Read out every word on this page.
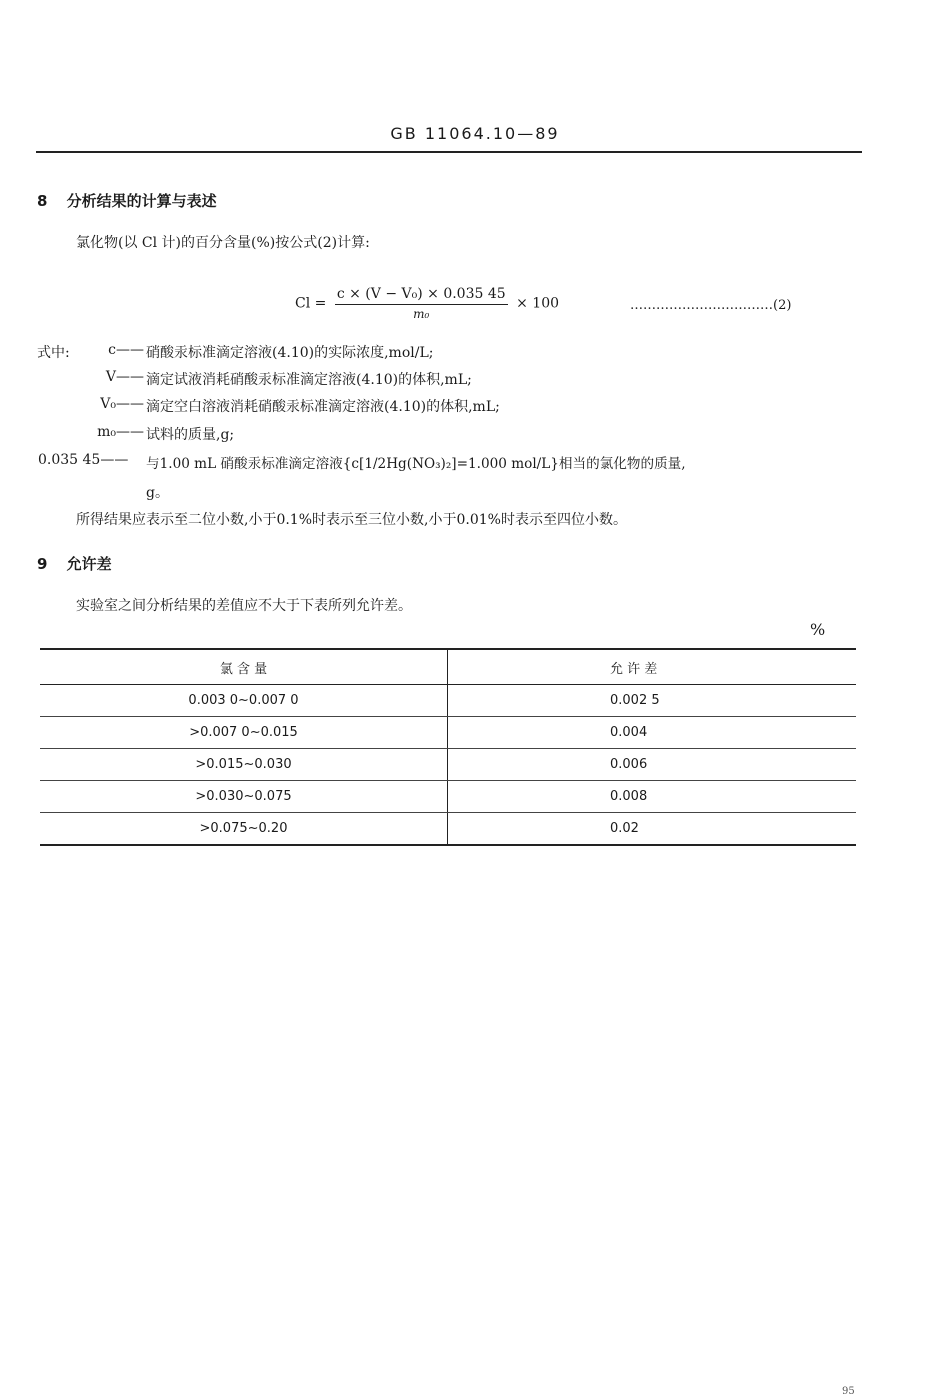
GB 11064.10—89
8 分析结果的计算与表述
氯化物(以 Cl 计)的百分含量(%)按公式(2)计算:
$Cl = \frac{\text{c × (V − V₀) × 0.035 45}}{\text{m₀}} \times 100$	……………………………(2)
式中:	c—— 硝酸汞标准滴定溶液(4.10)的实际浓度,mol/L;
V—— 滴定试液消耗硝酸汞标准滴定溶液(4.10)的体积,mL;
V₀—— 滴定空白溶液消耗硝酸汞标准滴定溶液(4.10)的体积,mL;
m₀—— 试料的质量,g;
0.035 45—— 与1.00 mL 硝酸汞标准滴定溶液{c[1/2Hg(NO₃)₂]=1.000 mol/L}相当的氯化物的质量,
g。
所得结果应表示至二位小数,小于0.1%时表示至三位小数,小于0.01%时表示至四位小数。
9 允许差
实验室之间分析结果的差值应不大于下表所列允许差。
%
氯 含 量	允 许 差
0.003 0~0.007 0	0.002 5
>0.007 0~0.015	0.004
>0.015~0.030	0.006
>0.030~0.075	0.008
>0.075~0.20	0.02
95
